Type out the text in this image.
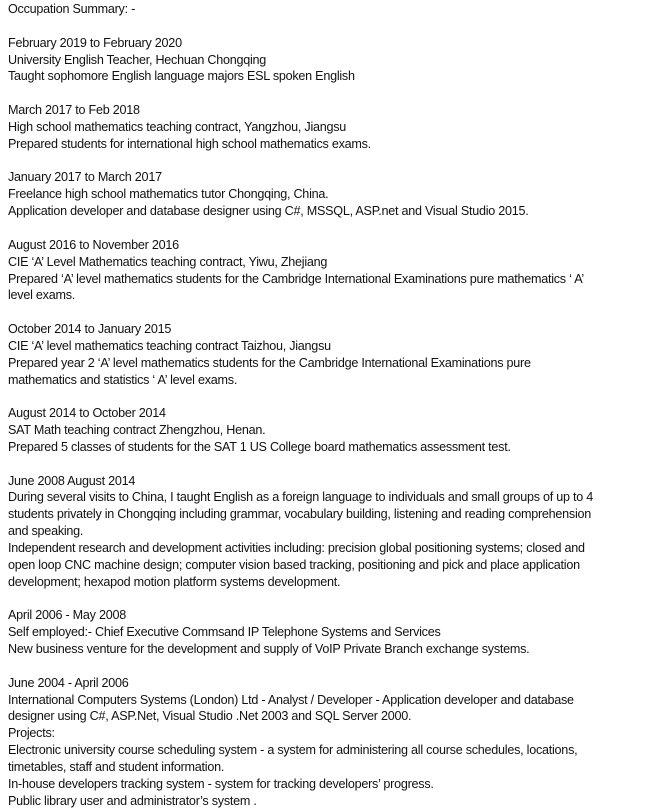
Occupation Summary: -
February 2019 to February 2020
University English Teacher, Hechuan Chongqing
Taught sophomore English language majors ESL spoken English
March 2017 to Feb 2018
High school mathematics teaching contract, Yangzhou, Jiangsu
Prepared students for international high school mathematics exams.
January 2017 to March 2017
Freelance high school mathematics tutor Chongqing, China.
Application developer and database designer using C#, MSSQL, ASP.net and Visual Studio 2015.
August 2016 to November 2016
CIE ‘A’ Level Mathematics teaching contract, Yiwu, Zhejiang
Prepared ‘A’ level mathematics students for the Cambridge International Examinations pure mathematics ‘ A’
level exams.
October 2014 to January 2015
CIE ‘A’ level mathematics teaching contract Taizhou, Jiangsu
Prepared year 2 ‘A’ level mathematics students for the Cambridge International Examinations pure
mathematics and statistics ‘ A’ level exams.
August 2014 to October 2014
SAT Math teaching contract Zhengzhou, Henan.
Prepared 5 classes of students for the SAT 1 US College board mathematics assessment test.
June 2008 August 2014
During several visits to China, I taught English as a foreign language to individuals and small groups of up to 4
students privately in Chongqing including grammar, vocabulary building, listening and reading comprehension
and speaking.
Independent research and development activities including: precision global positioning systems; closed and
open loop CNC machine design; computer vision based tracking, positioning and pick and place application
development; hexapod motion platform systems development.
April 2006 - May 2008
Self employed:- Chief Executive Commsand IP Telephone Systems and Services
New business venture for the development and supply of VoIP Private Branch exchange systems.
June 2004 - April 2006
International Computers Systems (London) Ltd - Analyst / Developer - Application developer and database
designer using C#, ASP.Net, Visual Studio .Net 2003 and SQL Server 2000.
Projects:
Electronic university course scheduling system - a system for administering all course schedules, locations,
timetables, staff and student information.
In-house developers tracking system - system for tracking developers’ progress.
Public library user and administrator’s system .
